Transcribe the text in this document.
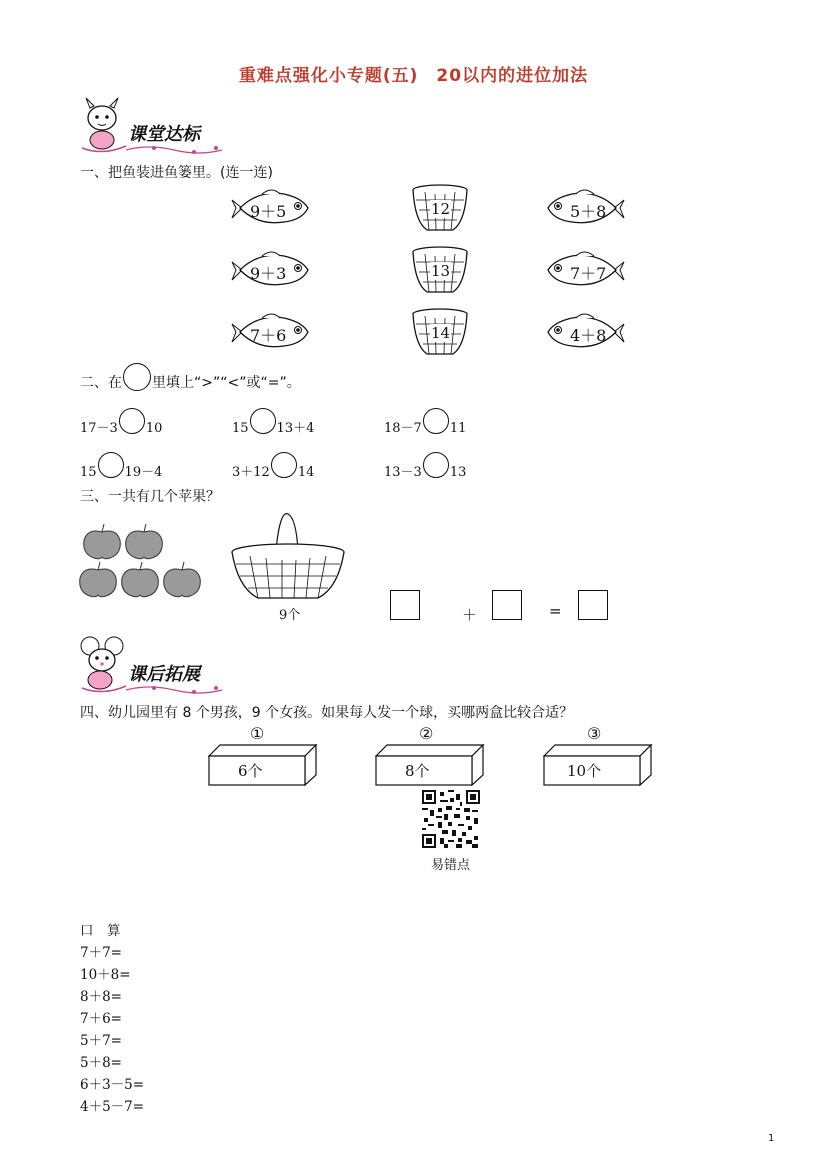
重难点强化小专题(五)　20以内的进位加法
课堂达标
一、把鱼装进鱼篓里。(连一连)
9＋5
9＋3
7＋6
12
13
14
5＋8
7＋7
4＋8
二、在 里填上“>”“<”或“=”。
17－3 10	15 13＋4	18－7 11
15 19－4	3＋12 14	13－3 13
三、一共有几个苹果？
9个	＋	=
课后拓展
四、幼儿园里有 8 个男孩，9 个女孩。如果每人发一个球，买哪两盒比较合适？
①
6个
②
8个
③
10个
易错点
口　算
7＋7=
10＋8=
8＋8=
7＋6=
5＋7=
5＋8=
6＋3－5=
4＋5－7=
1
